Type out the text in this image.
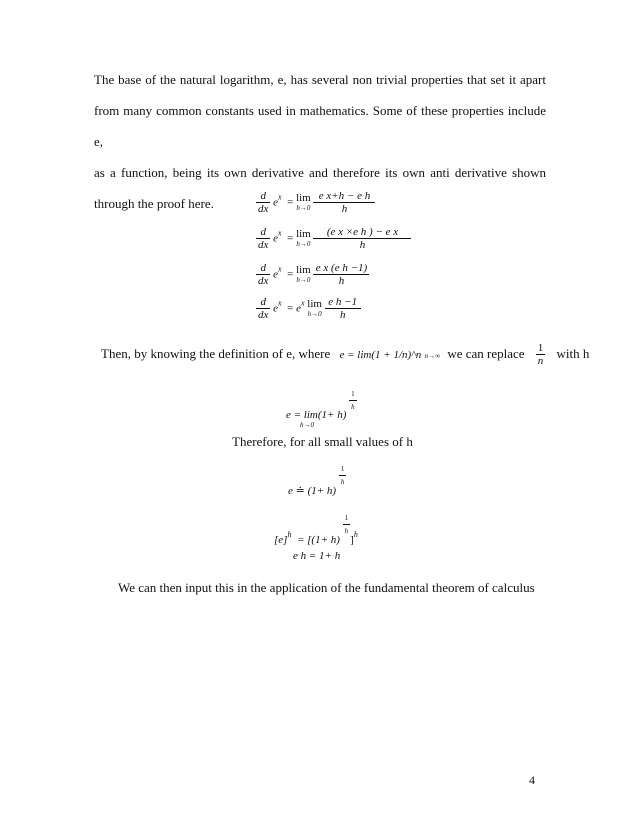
The base of the natural logarithm, e, has several non trivial properties that set it apart
from many common constants used in mathematics. Some of these properties include e,
as a function, being its own derivative and therefore its own anti derivative shown
through the proof here.	$\frac{d}{dx} e^x = \lim$
h→0
$\frac{\text{e x+h − e h}}{h}$
$\frac{d}{dx} e^x = \lim$
h→0
$\frac{\text{(e x ×e h ) − e x}}{h}$
$\frac{d}{dx} e^x = \lim$
h→0
$\frac{\text{e x (e h −1)}}{h}$
$\frac{d}{dx} e^x = e^x$ lim
h→0
$\frac{\text{e h −1}}{h}$
Then, by knowing the definition of e, where e = lim(1 + 1/n)^n n→∞ we can replace $\frac{1}{n}$ with h
e = lim(1+ h)
h→0

$\frac{1}{h}$
Therefore, for all small values of h
e ≐ (1+ h)
$\frac{1}{h}$
$[e]^h = [(1+ h)$
$\frac{1}{h}$
]$^h$
e h = 1+ h
We can then input this in the application of the fundamental theorem of calculus
4
